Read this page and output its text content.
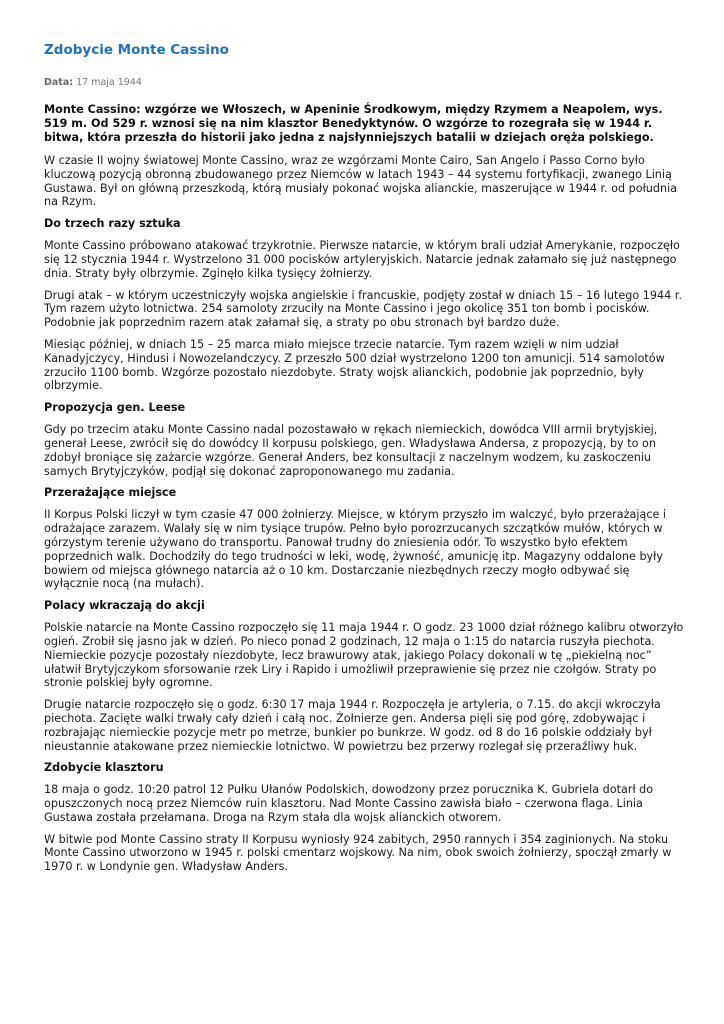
Zdobycie Monte Cassino
Data: 17 maja 1944

Monte Cassino: wzgórze we Włoszech, w Apeninie Środkowym, między Rzymem a Neapolem, wys. 519 m. Od 529 r. wznosi się na nim klasztor Benedyktynów. O wzgórze to rozegrała się w 1944 r. bitwa, która przeszła do historii jako jedna z najsłynniejszych batalii w dziejach oręża polskiego.

W czasie II wojny światowej Monte Cassino, wraz ze wzgórzami Monte Cairo, San Angelo i Passo Corno było kluczową pozycją obronną zbudowanego przez Niemców w latach 1943 – 44 systemu fortyfikacji, zwanego Linią Gustawa. Był on główną przeszkodą, którą musiały pokonać wojska alianckie, maszerujące w 1944 r. od południa na Rzym.

Do trzech razy sztuka

Monte Cassino próbowano atakować trzykrotnie. Pierwsze natarcie, w którym brali udział Amerykanie, rozpoczęło się 12 stycznia 1944 r. Wystrzelono 31 000 pocisków artyleryjskich. Natarcie jednak załamało się już następnego dnia. Straty były olbrzymie. Zginęło kilka tysięcy żołnierzy.

Drugi atak – w którym uczestniczyły wojska angielskie i francuskie, podjęty został w dniach 15 – 16 lutego 1944 r. Tym razem użyto lotnictwa. 254 samoloty zrzuciły na Monte Cassino i jego okolicę 351 ton bomb i pocisków. Podobnie jak poprzednim razem atak załamał się, a straty po obu stronach był bardzo duże.

Miesiąc później, w dniach 15 – 25 marca miało miejsce trzecie natarcie. Tym razem wzięli w nim udział Kanadyjczycy, Hindusi i Nowozelandczycy. Z przeszło 500 dział wystrzelono 1200 ton amunicji. 514 samolotów zrzuciło 1100 bomb. Wzgórze pozostało niezdobyte. Straty wojsk alianckich, podobnie jak poprzednio, były olbrzymie.

Propozycja gen. Leese

Gdy po trzecim ataku Monte Cassino nadal pozostawało w rękach niemieckich, dowódca VIII armii brytyjskiej, generał Leese, zwrócił się do dowódcy II korpusu polskiego, gen. Władysława Andersa, z propozycją, by to on zdobył broniące się zażarcie wzgórze. Generał Anders, bez konsultacji z naczelnym wodzem, ku zaskoczeniu samych Brytyjczyków, podjął się dokonać zaproponowanego mu zadania.

Przerażające miejsce

II Korpus Polski liczył w tym czasie 47 000 żołnierzy. Miejsce, w którym przyszło im walczyć, było przerażające i odrażające zarazem. Walały się w nim tysiące trupów. Pełno było porozrzucanych szczątków mułów, których w górzystym terenie używano do transportu. Panował trudny do zniesienia odór. To wszystko było efektem poprzednich walk. Dochodziły do tego trudności w leki, wodę, żywność, amunicję itp. Magazyny oddalone były bowiem od miejsca głównego natarcia aż o 10 km. Dostarczanie niezbędnych rzeczy mogło odbywać się wyłącznie nocą (na mułach).

Polacy wkraczają do akcji

Polskie natarcie na Monte Cassino rozpoczęło się 11 maja 1944 r. O godz. 23 1000 dział różnego kalibru otworzyło ogień. Zrobił się jasno jak w dzień. Po nieco ponad 2 godzinach, 12 maja o 1:15 do natarcia ruszyła piechota. Niemieckie pozycje pozostały niezdobyte, lecz brawurowy atak, jakiego Polacy dokonali w tę „piekielną noc” ułatwił Brytyjczykom sforsowanie rzek Liry i Rapido i umożliwił przeprawienie się przez nie czołgów. Straty po stronie polskiej były ogromne.

Drugie natarcie rozpoczęło się o godz. 6:30 17 maja 1944 r. Rozpoczęła je artyleria, o 7.15. do akcji wkroczyła piechota. Zacięte walki trwały cały dzień i całą noc. Żołnierze gen. Andersa pięli się pod górę, zdobywając i rozbrajając niemieckie pozycje metr po metrze, bunkier po bunkrze. W godz. od 8 do 16 polskie oddziały był nieustannie atakowane przez niemieckie lotnictwo. W powietrzu bez przerwy rozlegał się przeraźliwy huk.

Zdobycie klasztoru

18 maja o godz. 10:20 patrol 12 Pułku Ułanów Podolskich, dowodzony przez porucznika K. Gubriela dotarł do opuszczonych nocą przez Niemców ruin klasztoru. Nad Monte Cassino zawisła biało – czerwona flaga. Linia Gustawa została przełamana. Droga na Rzym stała dla wojsk alianckich otworem.

W bitwie pod Monte Cassino straty II Korpusu wyniosły 924 zabitych, 2950 rannych i 354 zaginionych. Na stoku Monte Cassino utworzono w 1945 r. polski cmentarz wojskowy. Na nim, obok swoich żołnierzy, spoczął zmarły w 1970 r. w Londynie gen. Władysław Anders.
